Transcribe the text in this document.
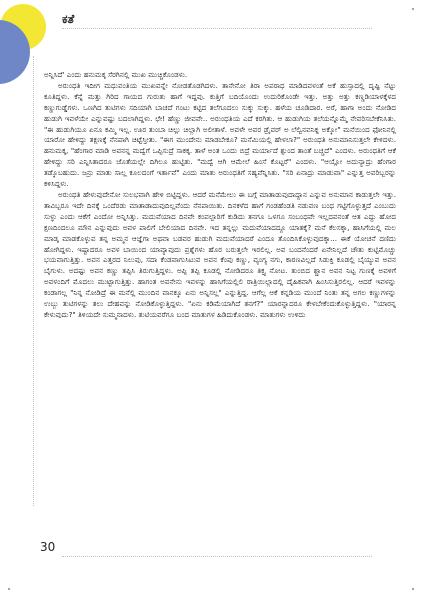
ಕತೆ

ಅನ್ನಿಸಿದೆ' ಎಂದು ಹನುಮಕ್ಕ ಸೆರಗಿನಲ್ಲಿ ಮುಖ ಮುಚ್ಚಿಕೊಂಡಳು.

ಅರುಂಧತಿ ಇದೀಗ ಮಧುವಂತಿಯ ಮುಖವನ್ನೇ ನೋಡತೊಡಗಿದಳು. ತಾನೇನೋ ತಿರಾ ಅಪರಾಧ ಮಾಡಿದವಳಂತೆ ಅಕೆ ಹುಸ್ಸಾದಲ್ಲಿ ದೃಷ್ಟಿ ನೆಟ್ಟು ಕೂತಿದ್ದಳು. ಕೆನ್ನೆ ಮತ್ತು ಗಿರಿದ ಗಾಯದ ಗುರುತು ಹಾಗೆ ಇದ್ದವು. ಕುತ್ತಿಗೆ ಬದಿಯೊಂದು ಉದುರಿಕೊಂಡೇ ಇತ್ತು. ಅತ್ತು ಅತ್ತು ಕಣ್ಣಡಿಯಾಳಕ್ಕೆಳದ ಕಣ್ಣುಗುಡ್ಡೆಗಳು. ಒಣಗಿದ ತುಟಿಗಳು ಸದಿಯಾಗಿ ಬಾಚದೆ ಗಂಟು ಕಟ್ಟಿದ ತಲೆಗೂದಲು ಸುಕ್ಕು ಸುಕ್ಕು. ಹಳೆಯ ಚೂಡಿದಾರ. ಅರೆ, ಹಾಗಾ ಅಂದು ನೋಡಿದ ಹುಡುಗಿ ಇವಳೆಯೇ ಎನ್ನುವಷ್ಟು ಬದಲಾಗಿದ್ದಳು. ಛೇ! ಹೆಣ್ಣು ಜೀವವೇ.. ಅರುಂಧತಿಯ ಎದೆ ಕರಗಿತು. ಆ ಹುಡುಗಿಯ ತಲೆಯನ್ನೊಮ್ಮೆ ನೇವರಿಸಬೇಕೆನಿಸಿತು. "ಈ ಹುಡುಗಿಯೂ ಏನೂ ಕಮ್ಮಿ ಇಲ್ಲ. ಊರ ತುಂಬಾ ಚಿಲ್ಲು ಚಿಲ್ಲಾಗಿ ಅಲೀತಾಳೆ. ಅವಳೇ ಅವರ ಡ್ರೈವರ್ ಅ ಲೆಲ್ವಿನವನಿಕ್ನ ಅಕ್ಕೋ" ಮನೆಯಿಂದ ಫೋನಿನಲ್ಲಿ ಯಾರೋ ಹೇಳಿದ್ದು ತಕ್ಷಣಕ್ಕೆ ನೆನಪಾಗಿ ಚಿಟ್ಟೆಸ್ತೀತು. "ಈಗ ಮುಂದೇನು ಮಾಡಬೇಕೂ? ಮನೆಮಿಯಲ್ಲಿ ಹೇಳಲಾ?" ಅರುಂಧತಿ ಅನುಮಾನಿಸುತ್ತಲೇ ಕೇಳಿದಳು. ಹನುಮಕ್ಕ, "ಹೆಂಗಾರ ಮಾಡಿ ಅವನನ್ನ ಮದ್ವೆಗೆ ಒಪ್ಪಿಸುದ್ರೆ ಸಾಕಕ್ಕ. ತಾಳೆ ಅಂತ ಒಂದು ಬಿದ್ರೆ ಮರ್ಯಾದೆ ಶ್ಪುಂದ ತಾಂತೆ ಬಚ್ಚದೆ" ಎಂದಳು. ಅರುಂಧತಿಗೆ ಆಕೆ ಹೇಳಿದ್ದು ಸರಿ ಎನ್ನಿಸಿತಾದರೂ ಜೊತೆಯಲ್ಲೇ ದಿಗಿಲೂ ಹುಟ್ಟಿತು. "ಮದ್ವೆ ಆಗಿ ಆಮೇಲೆ ಹಿಂಸೆ ಕೊಟ್ಟರೆ" ಎಂದಳು. "ಆಯ್ಲೋ ಅದುನ್ಯಾದ್ರು ಹೆಂಗಾರ ತಡ್ಕೊಬಹುದು. ಜನ್ರು ಮಾತು ಸಾಲ್ಲ ಕೂಲದಂಗೆ ಇರ್ತಾವೆ" ಎಂದು ಮಾತು ಅರುಂಧತಿಗೆ ಸಹ್ಯವೆನ್ನಿಸಿತು. "ಸರಿ ಏನಾದ್ರು ಮಾಡುವಾ" ಎನ್ನುತ್ತ ಅವರಿಬ್ಬರನ್ನು ಕಳಿಸಿದ್ದಳು.

ಅರುಂಧತಿ ಹೇಳುವುದೇನೋ ಸುಲಭವಾಗಿ ಹೇಳಿ ಬಿಟ್ಟಿದ್ದಳು. ಆದರೆ ಮನೆಮೇಲು ಈ ಬಗ್ಗೆ ಮಾತಾಡುವುದಾದ್ದಾನ ಎನ್ನುವ ಅನುಮಾನ ಕಾಡುತ್ತಲೇ ಇತ್ತು. ತಾವಿಬ್ಬರೂ ಇದೇ ದಿನಕ್ಕೆ ಒಂದೆರಡು ಮಾತಾಡಾದುವುದಿಲ್ಲವೆಂದು ನೆನಪಾಯಿತು. ದಿನಕಳೆದ ಹಾಗೆ ಗಂಡಹೆಂಡತಿ ನಡುವಣ ಬಂಧ ಗಟ್ಟಿಗೊಳ್ಳುತ್ತದೆ ಎಂಬುದು ಸುಳ್ಳು ಎಂದು ಆಕೆಗೆ ಎಂದೋ ಅನ್ನಿಸಿತ್ತು. ಮದುವೆಯಾದ ದಿನವೇ ಕಂಪಲ್ಪಾರಿಗೆ ಕುಡಿದು ತನಗೂ ಒಳಗೂ ಸಂಬಂಧವೇ ಇಲ್ಲದವನಂತೆ ಆತ ಎದ್ದು ಹೋದ ಕ್ಷಣದಿಂದಲೂ ಮೌನ ಎನ್ನುವುದು ಅವಳ ಪಾಲಿಗೆ ಬೇಲಿಯಾದ ದಿನವೇ. ಇದ ತನ್ನಲ್ಲು ಮದುವೆಯಾದದ್ದೂ ಯಾತಕ್ಕೆ? ಮನೆ ಕೆಲಸಕ್ಕಾ, ಹಾಸಿಗೆಯಲ್ಲಿ ಮಲ ಮಾಡ್ಕ ಮಾಡಕೊಳ್ಳುವ ತನ್ನ ಅಮ್ಮನ ಆಜ್ಞೆಗಾ ಅಥವಾ ಬಡವರ ಹುಡುಗಿ ಮದುವೆಯಾದರೆ ಎಂದೂ ತೊಂದಿಸಿಕೊಳ್ಳುವುದಕ್ಕಾ... ಈಕೆ ಯೋಚನೆ ದಣಿದು ಹೋಗಿದ್ದಳು. ಇಷ್ಟಾದರೂ ಅವಳ ಬಾಯಿಂದ ಯಾವ್ಯಾವುದು ಪ್ರಶ್ನೆಗಳು ಹೊರ ಬರುತ್ತಲೇ ಇರಲಿಲ್ಲ. ಅವ ಬಂದನೆಂದರೆ ಏನೇನಿಲ್ಲದೆ ಚೌತು ಕುಟ್ಟಿಮೊಚ್ಚು ಭಯವಾಗುತ್ತಿತ್ತು. ಅವನ ಎತ್ತರದ ನಿಲುವು, ಸದಾ ಕೆಂಡವಾಗುಸಿಟುವ ಅವನ ಕೆಂಪು ಕಣ್ಣು, ವ್ಯಂಗ್ಯ ನಗು, ಕಾರಣವಿಲ್ಲದೆ ಸಿಡುಕ್ತಿ ಕೂಡಲ್ಲಿ ಬೈಯ್ಯುವ ಅವನ ಬೈಗುಳು. ಅದಷ್ಟು ಅವನ ಕಣ್ಣು ತಪ್ಪಿಸಿ ತಿರುಗುತ್ತಿದ್ದಳು. ಅಪ್ಪಿ ತಪ್ಪಿ ಕೂಡಲ್ಲಿ ನೋಡಿದರೂ ತಿಕ್ತ್ಯ ನೋಟ. ತುಂಬಿದ ಶ್ಲ್ರಾನ ಅವನ ನಿಟ್ಟ ಗುಣಕ್ಕೆ ಅವಳಿಗೆ ಅವಳಂದಿಗೆ ಮೊದಲು ಮುಟ್ಟಾಗುತ್ತಿತ್ತು. ಹಾಗಂತ ಅವನೇನು ಇವಳನ್ನು ಹಾಸಿಗೆಯಲ್ಲಿಲಿ ರಾತ್ರಿಯಿಲ್ಲಾದಲ್ಲಿ ದೈಹಿಕವಾಗಿ ಹಿಂಸಿಸುತ್ತಿರಲಿಲ್ಲ. ಆದರೆ ಇವಳನ್ನು ಕಂಡಾಗಲ್ಲ "ನಿನ್ನ ನೋಡಿದ್ರೆ ಈ ಮನೆಲ್ಲಿ ಮುಂದಿನ ವಾನಕ್ಕೂ ಏನು ಅನ್ನಿಸಲ್ಲ" ಎನ್ನುತ್ತಿದ್ದ. ಆಗೆಲ್ಲ ಆಕೆ ಕನ್ನಡಿಯ ಮುಂದೆ ನಿಂತು ತನ್ನ ಅಗಲ ಕಣ್ಣುಗಳನ್ನು ಉಬ್ಬು ತುಟಿಗಳನ್ನು ತಲು ದೇಹವನ್ನು ನೋಡಿಕೊಳ್ಳುತ್ತಿದ್ದಳು. "ಏನು ಕಡಿಮೆಯಾಗಿದೆ ತನಗೆ?" ಯಾರನ್ನಾದರೂ ಕೇಳಬೇಕೆಂದುಕೊಳ್ಳುತ್ತಿದ್ದಳು. "ಯಾರನ್ನ ಕೇಳುವುದು?" ತಿಳಿಯದೇ ಸುಮ್ಮನಾದಳು. ತುಟಿಯವರೆಗೂ ಬಂದ ಮಾತುಗಳ ಹಿಡಿದುಕೊಂಡಳು. ಮಾತುಗಳು ಉಳಿದು

30
